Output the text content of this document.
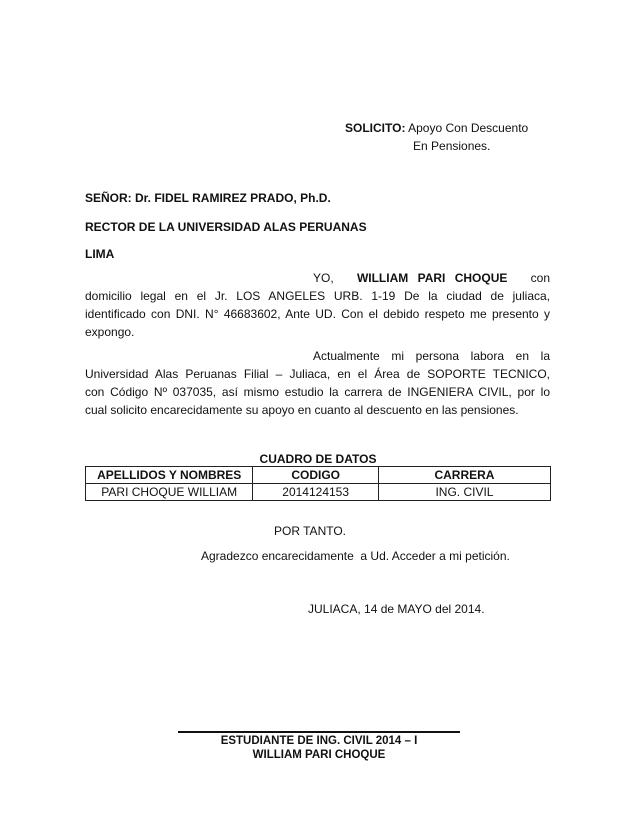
SOLICITO: Apoyo Con Descuento
En Pensiones.
SEÑOR: Dr. FIDEL RAMIREZ PRADO, Ph.D.
RECTOR DE LA UNIVERSIDAD ALAS PERUANAS
LIMA
YO, WILLIAM PARI CHOQUE con
domicilio legal en el Jr. LOS ANGELES URB. 1-19 De la ciudad de juliaca,
identificado con DNI. N° 46683602, Ante UD. Con el debido respeto me presento y
expongo.
Actualmente mi persona labora en la
Universidad Alas Peruanas Filial – Juliaca, en el Área de SOPORTE TECNICO,
con Código Nº 037035, así mismo estudio la carrera de INGENIERA CIVIL, por lo
cual solicito encarecidamente su apoyo en cuanto al descuento en las pensiones.
CUADRO DE DATOS
APELLIDOS Y NOMBRES	CODIGO	CARRERA
PARI CHOQUE WILLIAM	2014124153	ING. CIVIL
POR TANTO.
Agradezco encarecidamente  a Ud. Acceder a mi petición.
JULIACA, 14 de MAYO del 2014.
ESTUDIANTE DE ING. CIVIL 2014 – I
WILLIAM PARI CHOQUE
